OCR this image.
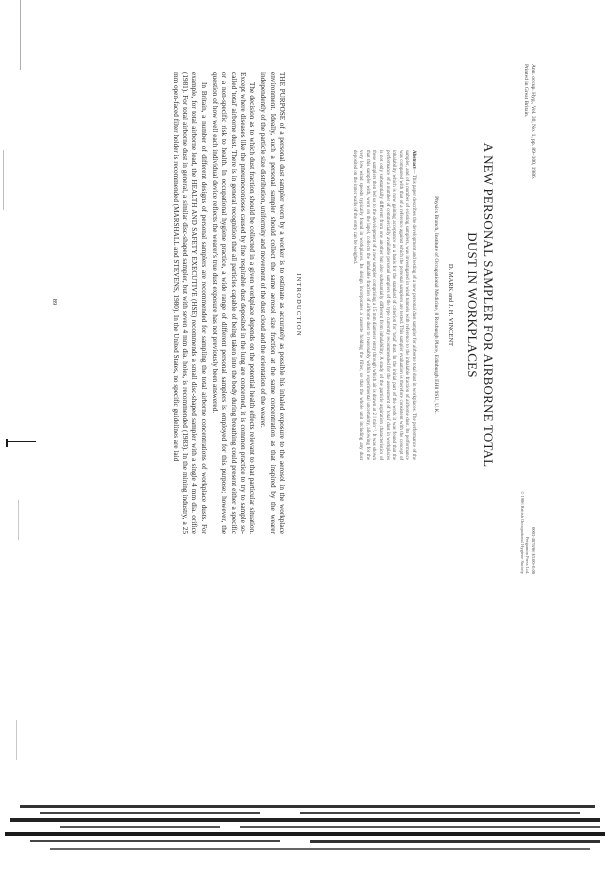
Ann. occup. Hyg., Vol. 30, No. 1, pp. 89–100, 1986.
Printed in Great Britain.
0003-4878/86 $3.00+0.00
Pergamon Press Ltd.
© 1986 British Occupational Hygiene Society
A NEW PERSONAL SAMPLER FOR AIRBORNE TOTAL
DUST IN WORKPLACES
D. MARK and J. H. VINCENT
Physics Branch, Institute of Occupational Medicine, 8 Roxburgh Place, Edinburgh EH8 9SU, U.K.
Abstract— This paper describes the development and testing of a new personal dust sampler for airborne total dust in workplaces. The performance of the sampler, and of a number of existing samplers, was investigated in wind tunnels with reference to the inhalable fraction of airborne dust. Its performance was compared with that of a reference against which the personal samplers are tested. This sampler evaluation is therefore consistent with the concept of inhalability which is now gaining acceptance as a basis for the standard of criterion for 'total' dust. In the initial part of the work it was found that the performance of a number of commercially available personal samplers of the type currently recommended for the assessment of 'total' dust in workplaces is not only substantially different from one another but also substantially different from inhalability. A study of the particle aspiration characteristics of these samplers then led us to the development of a new sampler comprising a 15 mm diameter entry through which air is drawn at 2 l min⁻¹. It was shown that this sampler with, worn on the lapel, collects the inhalable fraction of airborne dust to reasonably within experimental uncertainty, allowing for the very low wind speeds typically found in workplaces. Its design incorporates a cassette holding the filter, so that the whole unit including any dust deposited on the inner walls of the entry can be weighed.
INTRODUCTION

THE PURPOSE of a personal dust sampler worn by a worker is to estimate as accurately as possible his inhaled exposure to the aerosol in the workplace environment. Ideally, such a personal sampler should collect the same aerosol size fraction at the same concentration as that inspired by the wearer independently of the particle size distribution, uniformity and movement of the dust cloud and the orientation of the wearer.

The decision as to which dust fraction should be collected in a given workplace depends on the potential health effects relevant to that particular situation. Except where diseases like the pneumoconioses caused by fine respirable dust deposited in the lung are concerned, it is common practice to try to sample so-called 'total' airborne dust. There is in general recognition that all particles capable of being taken into the body during breathing could present either a specific or a non-specific risk to health. In occupational hygiene practice, a wide range of different personal samplers is employed for this purpose; however, the question of how well each individual device reflects the wearer's true dust exposure has not previously been answered.

In Britain, a number of different designs of personal samplers are recommended for sampling the total airborne concentrations of workplace dusts. For example, for total airborne lead, the HEALTH AND SAFETY EXECUTIVE (HSE) recommends a small disc-shaped sampler with a single 4 mm dia. orifice (1981). For total airborne dust in general, a similar disc-shaped sampler, but with seven 4 mm dia. holes, is recommended (1983). In the mining industry, a 25 mm open-faced filter holder is recommended (MARSHALL and STEVENS, 1980). In the United States, no specific guidelines are laid

89
